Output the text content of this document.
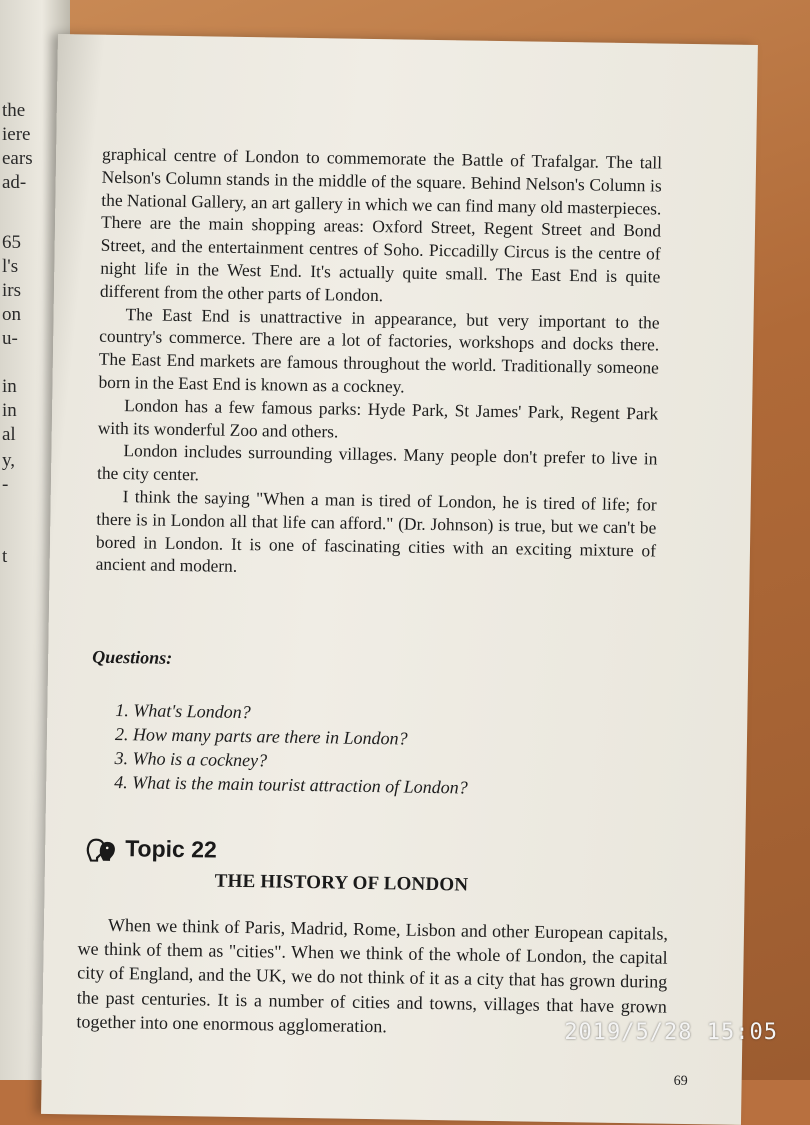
the
iere
ears
ad-
65
l's
irs
on
u-
in
in
al
y,
-
t

graphical centre of London to commemorate the Battle of Trafalgar. The tall Nelson's Column stands in the middle of the square. Behind Nelson's Column is the National Gallery, an art gallery in which we can find many old masterpieces. There are the main shopping areas: Oxford Street, Regent Street and Bond Street, and the entertainment centres of Soho. Piccadilly Circus is the centre of night life in the West End. It's actually quite small. The East End is quite different from the other parts of London.

The East End is unattractive in appearance, but very important to the country's commerce. There are a lot of factories, workshops and docks there. The East End markets are famous throughout the world. Traditionally someone born in the East End is known as a cockney.

London has a few famous parks: Hyde Park, St James' Park, Regent Park with its wonderful Zoo and others.

London includes surrounding villages. Many people don't prefer to live in the city center.

I think the saying "When a man is tired of London, he is tired of life; for there is in London all that life can afford." (Dr. Johnson) is true, but we can't be bored in London. It is one of fascinating cities with an exciting mixture of ancient and modern.

Questions:
1. What's London?
2. How many parts are there in London?
3. Who is a cockney?
4. What is the main tourist attraction of London?
Topic 22
THE HISTORY OF LONDON

When we think of Paris, Madrid, Rome, Lisbon and other European capitals, we think of them as "cities". When we think of the whole of London, the capital city of England, and the UK, we do not think of it as a city that has grown during the past centuries. It is a number of cities and towns, villages that have grown together into one enormous agglomeration.

69
2019/5/28 15:05
